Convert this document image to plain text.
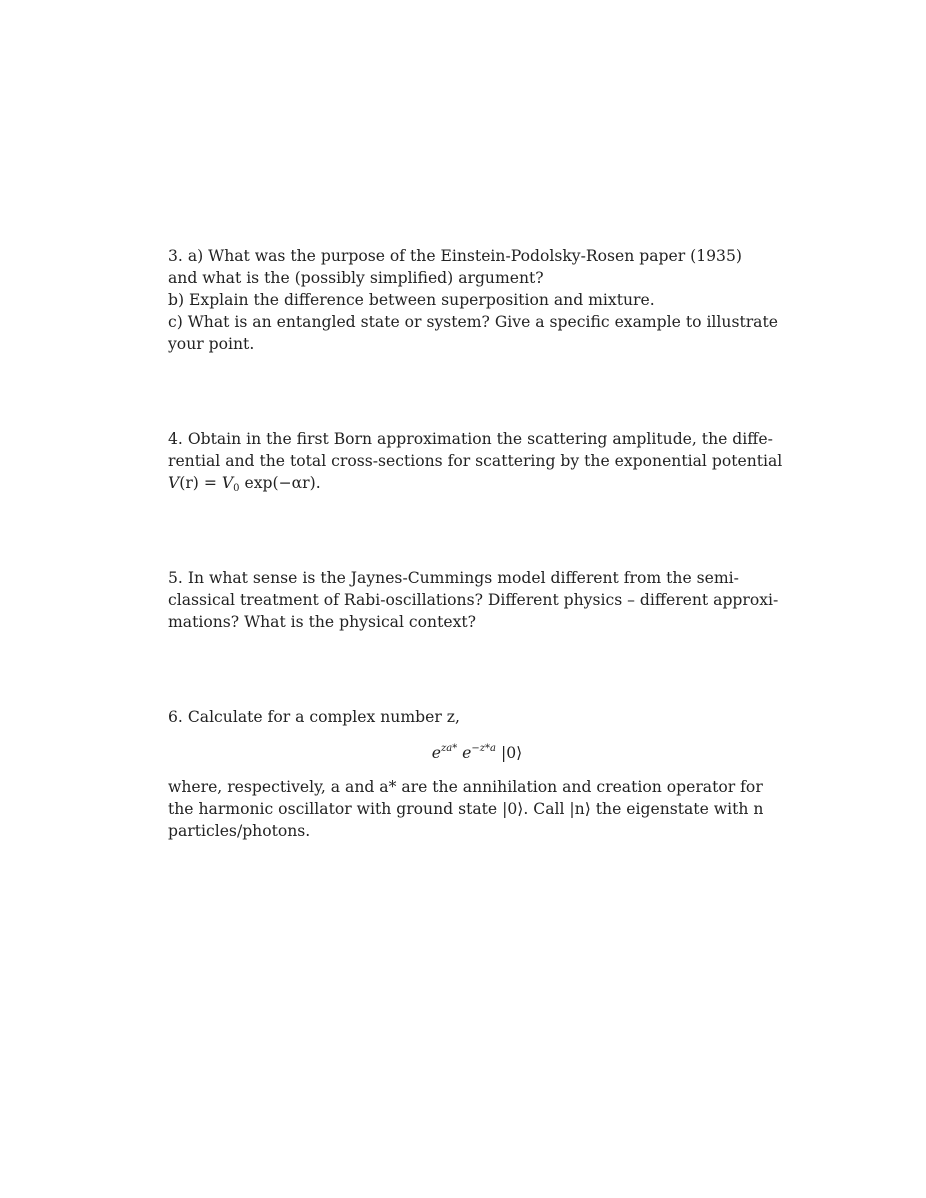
3. a) What was the purpose of the Einstein-Podolsky-Rosen paper (1935)
and what is the (possibly simplified) argument?
b) Explain the difference between superposition and mixture.
c) What is an entangled state or system? Give a specific example to illustrate
your point.
4. Obtain in the first Born approximation the scattering amplitude, the diffe-
rential and the total cross-sections for scattering by the exponential potential
$V(r) = V_0$ exp(−αr).
5. In what sense is the Jaynes-Cummings model different from the semi-
classical treatment of Rabi-oscillations? Different physics – different approxi-
mations? What is the physical context?
6. Calculate for a complex number z,
$e^{za*}$ $e^{-z*a}$ |0⟩
where, respectively, a and a* are the annihilation and creation operator for
the harmonic oscillator with ground state |0⟩. Call |n⟩ the eigenstate with n
particles/photons.
